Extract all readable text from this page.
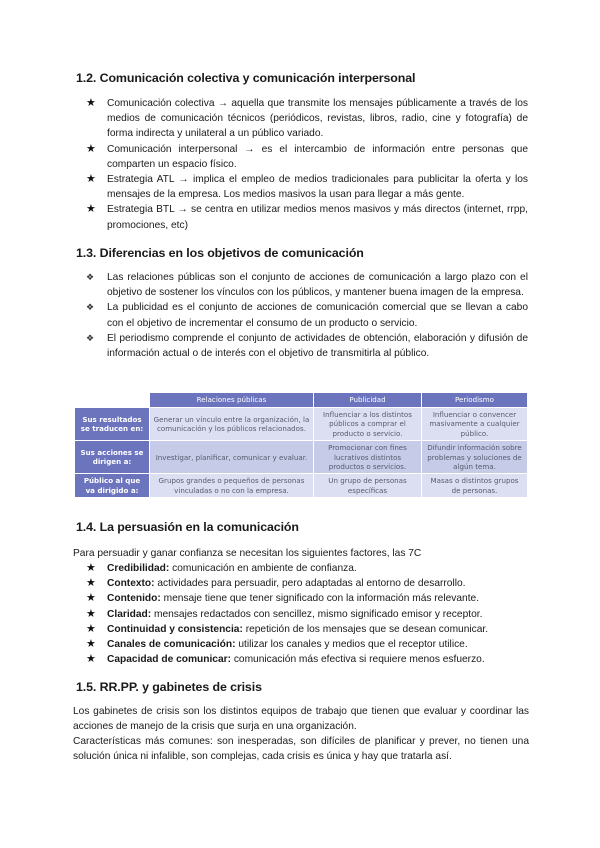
1.2. Comunicación colectiva y comunicación interpersonal
★ Comunicación colectiva → aquella que transmite los mensajes públicamente a través de los medios de comunicación técnicos (periódicos, revistas, libros, radio, cine y fotografía) de forma indirecta y unilateral a un público variado.
★ Comunicación interpersonal → es el intercambio de información entre personas que comparten un espacio físico.
★ Estrategia ATL → implica el empleo de medios tradicionales para publicitar la oferta y los mensajes de la empresa. Los medios masivos la usan para llegar a más gente.
★ Estrategia BTL → se centra en utilizar medios menos masivos y más directos (internet, rrpp, promociones, etc)
1.3. Diferencias en los objetivos de comunicación
❖ Las relaciones públicas son el conjunto de acciones de comunicación a largo plazo con el objetivo de sostener los vínculos con los públicos, y mantener buena imagen de la empresa.
❖ La publicidad es el conjunto de acciones de comunicación comercial que se llevan a cabo con el objetivo de incrementar el consumo de un producto o servicio.
❖ El periodismo comprende el conjunto de actividades de obtención, elaboración y difusión de información actual o de interés con el objetivo de transmitirla al público.
	Relaciones públicas	Publicidad	Periodismo
Sus resultados se traducen en:	Generar un vínculo entre la organización, la comunicación y los públicos relacionados.	Influenciar a los distintos públicos a comprar el producto o servicio.	Influenciar o convencer masivamente a cualquier público.
Sus acciones se dirigen a:	Investigar, planificar, comunicar y evaluar.	Promocionar con fines lucrativos distintos productos o servicios.	Difundir información sobre problemas y soluciones de algún tema.
Público al que va dirigido a:	Grupos grandes o pequeños de personas vinculadas o no con la empresa.	Un grupo de personas específicas	Masas o distintos grupos de personas.
1.4. La persuasión en la comunicación

Para persuadir y ganar confianza se necesitan los siguientes factores, las 7C

★ Credibilidad: comunicación en ambiente de confianza.
★ Contexto: actividades para persuadir, pero adaptadas al entorno de desarrollo.
★ Contenido: mensaje tiene que tener significado con la información más relevante.
★ Claridad: mensajes redactados con sencillez, mismo significado emisor y receptor.
★ Continuidad y consistencia: repetición de los mensajes que se desean comunicar.
★ Canales de comunicación: utilizar los canales y medios que el receptor utilice.
★ Capacidad de comunicar: comunicación más efectiva si requiere menos esfuerzo.
1.5. RR.PP. y gabinetes de crisis

Los gabinetes de crisis son los distintos equipos de trabajo que tienen que evaluar y coordinar las acciones de manejo de la crisis que surja en una organización.

Características más comunes: son inesperadas, son difíciles de planificar y prever, no tienen una solución única ni infalible, son complejas, cada crisis es única y hay que tratarla así.
